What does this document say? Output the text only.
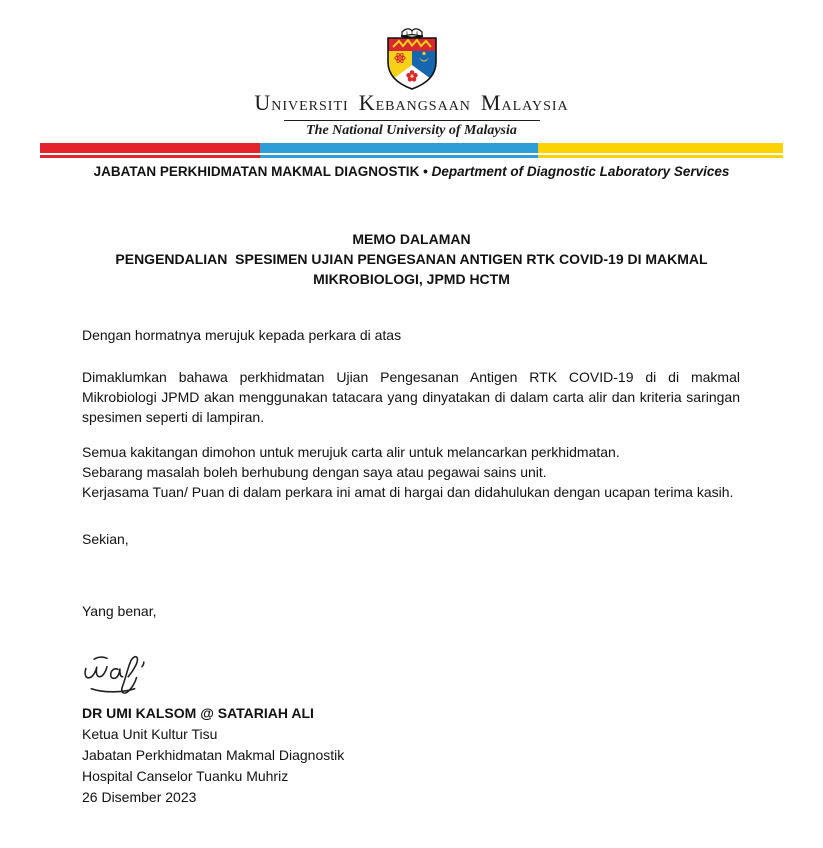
UNIVERSITI KEBANGSAAN MALAYSIA
The National University of Malaysia
JABATAN PERKHIDMATAN MAKMAL DIAGNOSTIK • Department of Diagnostic Laboratory Services
MEMO DALAMAN
PENGENDALIAN  SPESIMEN UJIAN PENGESANAN ANTIGEN RTK COVID-19 DI MAKMAL
MIKROBIOLOGI, JPMD HCTM
Dengan hormatnya merujuk kepada perkara di atas
Dimaklumkan bahawa perkhidmatan Ujian Pengesanan Antigen RTK COVID-19 di di makmal
Mikrobiologi JPMD akan menggunakan tatacara yang dinyatakan di dalam carta alir dan kriteria saringan
spesimen seperti di lampiran.
Semua kakitangan dimohon untuk merujuk carta alir untuk melancarkan perkhidmatan.
Sebarang masalah boleh berhubung dengan saya atau pegawai sains unit.
Kerjasama Tuan/ Puan di dalam perkara ini amat di hargai dan didahulukan dengan ucapan terima kasih.
Sekian,
Yang benar,
DR UMI KALSOM @ SATARIAH ALI
Ketua Unit Kultur Tisu
Jabatan Perkhidmatan Makmal Diagnostik
Hospital Canselor Tuanku Muhriz
26 Disember 2023
